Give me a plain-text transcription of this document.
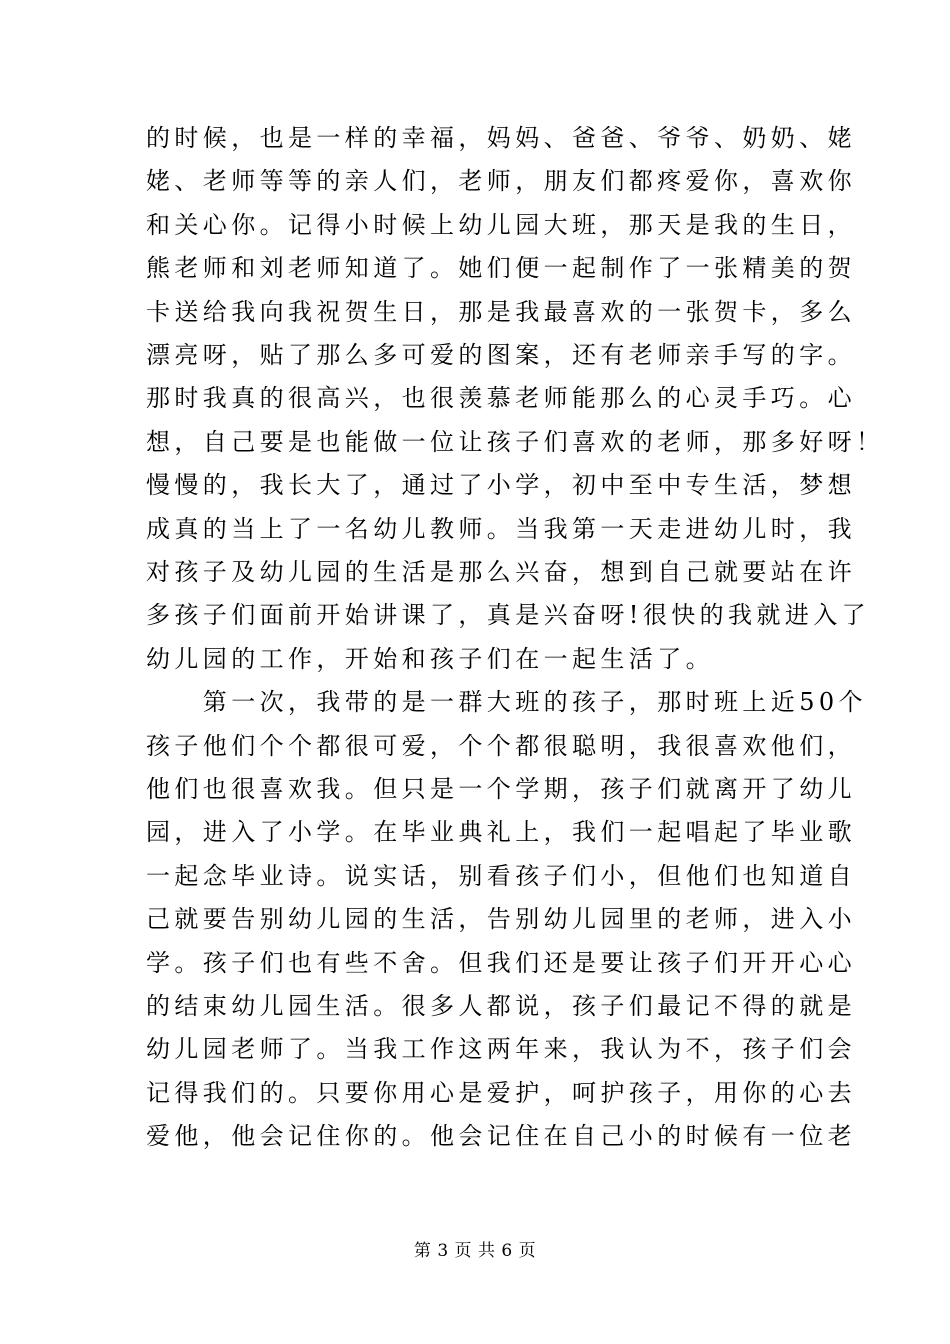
的时候，也是一样的幸福，妈妈、爸爸、爷爷、奶奶、姥
姥、老师等等的亲人们，老师，朋友们都疼爱你，喜欢你
和关心你。记得小时候上幼儿园大班，那天是我的生日，
熊老师和刘老师知道了。她们便一起制作了一张精美的贺
卡送给我向我祝贺生日，那是我最喜欢的一张贺卡，多么
漂亮呀，贴了那么多可爱的图案，还有老师亲手写的字。
那时我真的很高兴，也很羡慕老师能那么的心灵手巧。心
想，自己要是也能做一位让孩子们喜欢的老师，那多好呀！
慢慢的，我长大了，通过了小学，初中至中专生活，梦想
成真的当上了一名幼儿教师。当我第一天走进幼儿时，我
对孩子及幼儿园的生活是那么兴奋，想到自己就要站在许
多孩子们面前开始讲课了，真是兴奋呀!很快的我就进入了
幼儿园的工作，开始和孩子们在一起生活了。
　　第一次，我带的是一群大班的孩子，那时班上近50个
孩子他们个个都很可爱，个个都很聪明，我很喜欢他们，
他们也很喜欢我。但只是一个学期，孩子们就离开了幼儿
园，进入了小学。在毕业典礼上，我们一起唱起了毕业歌
一起念毕业诗。说实话，别看孩子们小，但他们也知道自
己就要告别幼儿园的生活，告别幼儿园里的老师，进入小
学。孩子们也有些不舍。但我们还是要让孩子们开开心心
的结束幼儿园生活。很多人都说，孩子们最记不得的就是
幼儿园老师了。当我工作这两年来，我认为不，孩子们会
记得我们的。只要你用心是爱护，呵护孩子，用你的心去
爱他，他会记住你的。他会记住在自己小的时候有一位老
第 3 页 共 6 页
